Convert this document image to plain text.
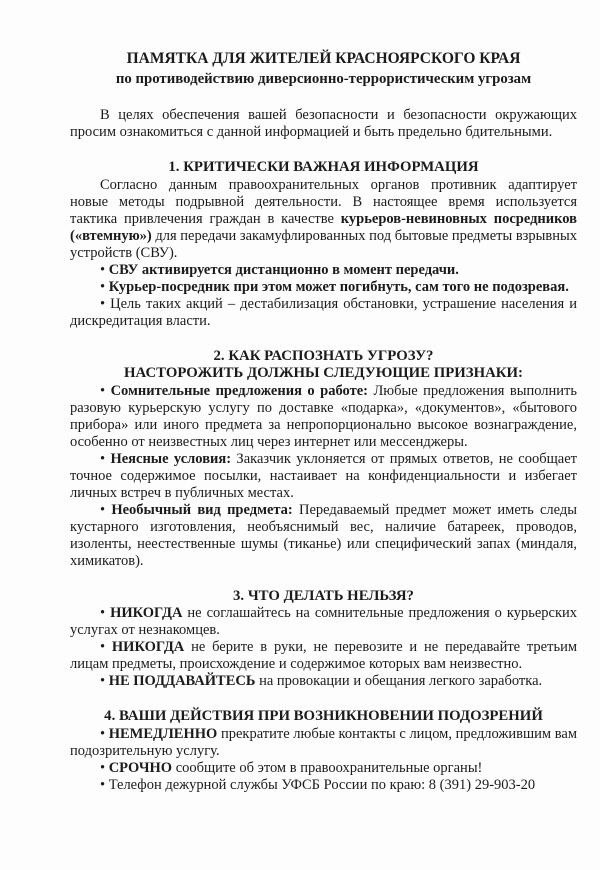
ПАМЯТКА ДЛЯ ЖИТЕЛЕЙ КРАСНОЯРСКОГО КРАЯ
по противодействию диверсионно-террористическим угрозам

В целях обеспечения вашей безопасности и безопасности окружающих просим ознакомиться с данной информацией и быть предельно бдительными.

1. КРИТИЧЕСКИ ВАЖНАЯ ИНФОРМАЦИЯ

Согласно данным правоохранительных органов противник адаптирует новые методы подрывной деятельности. В настоящее время используется тактика привлечения граждан в качестве курьеров-невиновных посредников («втемную») для передачи закамуфлированных под бытовые предметы взрывных устройств (СВУ).

• СВУ активируется дистанционно в момент передачи.

• Курьер-посредник при этом может погибнуть, сам того не подозревая.

• Цель таких акций – дестабилизация обстановки, устрашение населения и дискредитация власти.

2. КАК РАСПОЗНАТЬ УГРОЗУ?
НАСТОРОЖИТЬ ДОЛЖНЫ СЛЕДУЮЩИЕ ПРИЗНАКИ:

• Сомнительные предложения о работе: Любые предложения выполнить разовую курьерскую услугу по доставке «подарка», «документов», «бытового прибора» или иного предмета за непропорционально высокое вознаграждение, особенно от неизвестных лиц через интернет или мессенджеры.

• Неясные условия: Заказчик уклоняется от прямых ответов, не сообщает точное содержимое посылки, настаивает на конфиденциальности и избегает личных встреч в публичных местах.

• Необычный вид предмета: Передаваемый предмет может иметь следы кустарного изготовления, необъяснимый вес, наличие батареек, проводов, изоленты, неестественные шумы (тиканье) или специфический запах (миндаля, химикатов).

3. ЧТО ДЕЛАТЬ НЕЛЬЗЯ?

• НИКОГДА не соглашайтесь на сомнительные предложения о курьерских услугах от незнакомцев.

• НИКОГДА не берите в руки, не перевозите и не передавайте третьим лицам предметы, происхождение и содержимое которых вам неизвестно.

• НЕ ПОДДАВАЙТЕСЬ на провокации и обещания легкого заработка.

4. ВАШИ ДЕЙСТВИЯ ПРИ ВОЗНИКНОВЕНИИ ПОДОЗРЕНИЙ

• НЕМЕДЛЕННО прекратите любые контакты с лицом, предложившим вам подозрительную услугу.

• СРОЧНО сообщите об этом в правоохранительные органы!

• Телефон дежурной службы УФСБ России по краю: 8 (391) 29-903-20
